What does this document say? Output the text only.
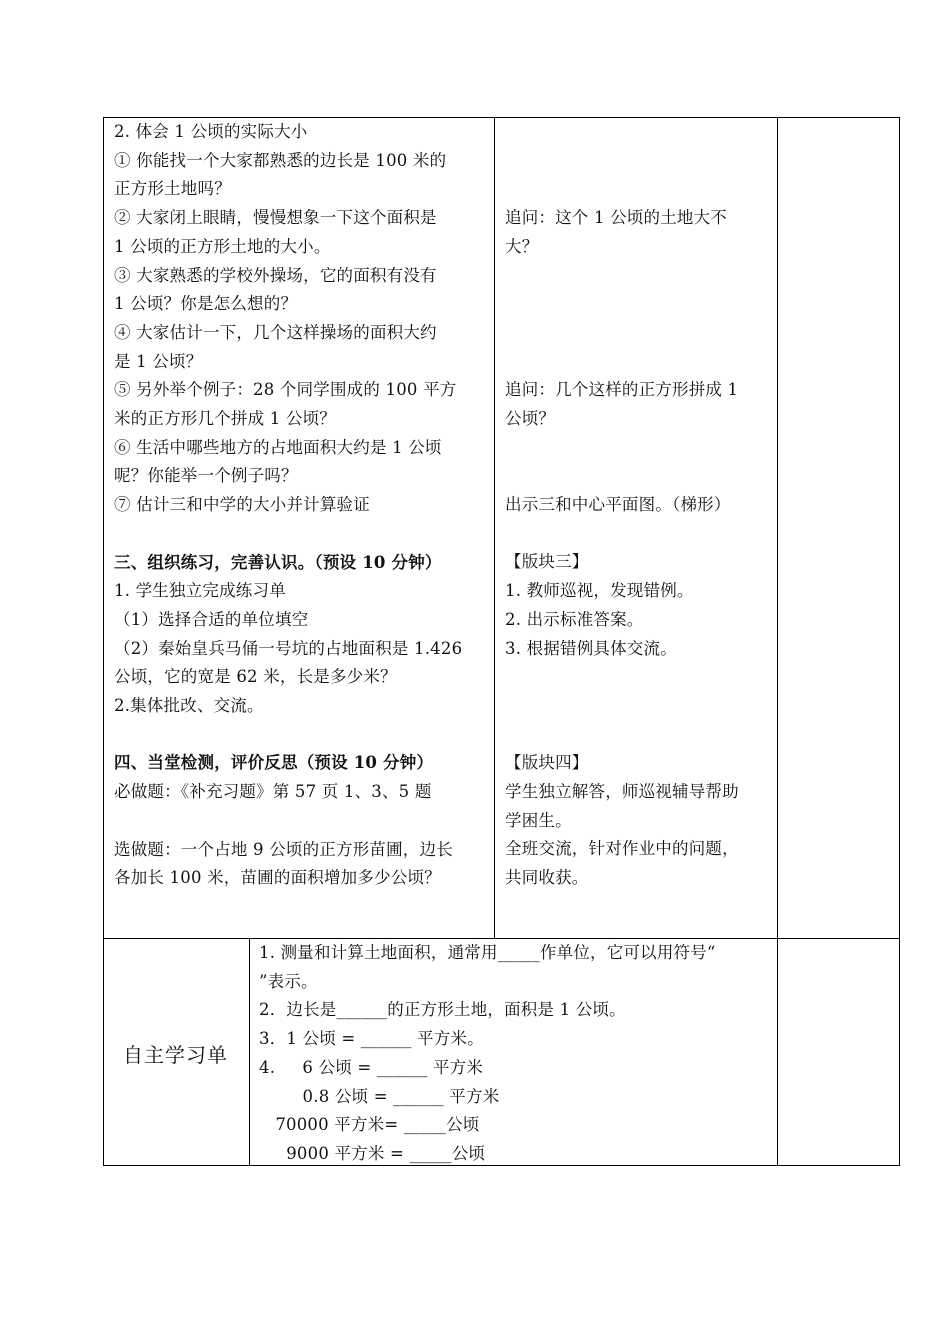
2. 体会 1 公顷的实际大小

① 你能找一个大家都熟悉的边长是 100 米的

正方形土地吗？

② 大家闭上眼睛，慢慢想象一下这个面积是

1 公顷的正方形土地的大小。

③ 大家熟悉的学校外操场，它的面积有没有

1 公顷？你是怎么想的？

④ 大家估计一下，几个这样操场的面积大约

是 1 公顷？

⑤ 另外举个例子：28 个同学围成的 100 平方

米的正方形几个拼成 1 公顷？

⑥ 生活中哪些地方的占地面积大约是 1 公顷

呢？你能举一个例子吗？

⑦ 估计三和中学的大小并计算验证

三、组织练习，完善认识。（预设 10 分钟）

1. 学生独立完成练习单

（1）选择合适的单位填空

（2）秦始皇兵马俑一号坑的占地面积是 1.426

公顷，它的宽是 62 米，长是多少米？

2.集体批改、交流。

四、当堂检测，评价反思（预设 10 分钟）

必做题：《补充习题》第 57 页 1、3、5 题

选做题：一个占地 9 公顷的正方形苗圃，边长

各加长 100 米，苗圃的面积增加多少公顷？

追问：这个 1 公顷的土地大不

大？

追问：几个这样的正方形拼成 1

公顷？

出示三和中心平面图。（梯形）

【版块三】

1. 教师巡视，发现错例。

2. 出示标准答案。

3. 根据错例具体交流。

【版块四】

学生独立解答，师巡视辅导帮助

学困生。

全班交流，针对作业中的问题，

共同收获。

自主学习单

1. 测量和计算土地面积，通常用_____作单位，它可以用符号“

”表示。

2．边长是______的正方形土地，面积是 1 公顷。

3．1 公顷 = ______ 平方米。

4.     6 公顷 = ______ 平方米

0.8 公顷 = ______ 平方米

70000 平方米= _____公顷

9000 平方米 = _____公顷
